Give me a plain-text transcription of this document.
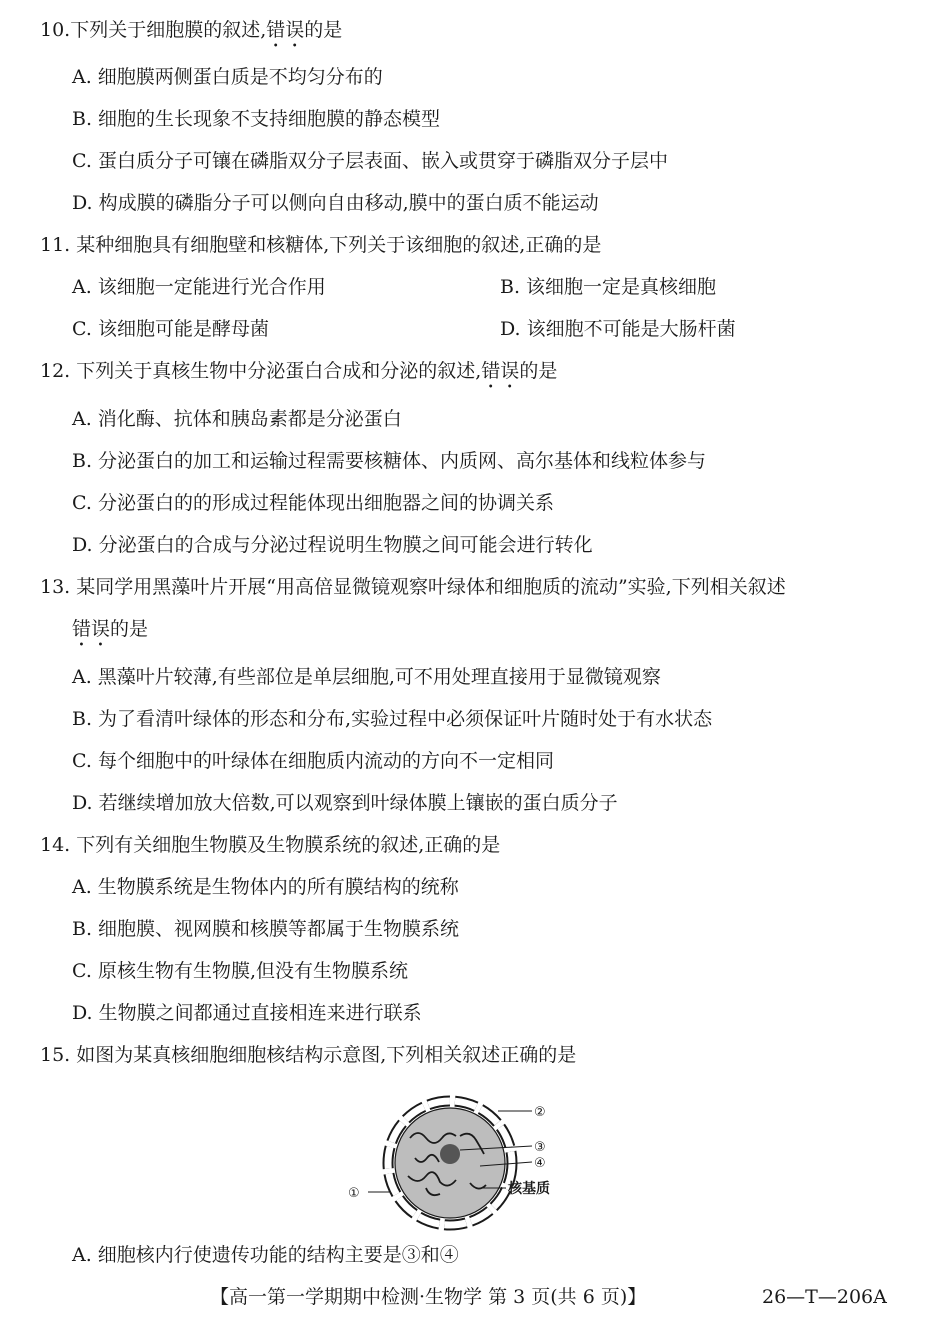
10.下列关于细胞膜的叙述,错误的是
A. 细胞膜两侧蛋白质是不均匀分布的
B. 细胞的生长现象不支持细胞膜的静态模型
C. 蛋白质分子可镶在磷脂双分子层表面、嵌入或贯穿于磷脂双分子层中
D. 构成膜的磷脂分子可以侧向自由移动,膜中的蛋白质不能运动
11. 某种细胞具有细胞壁和核糖体,下列关于该细胞的叙述,正确的是
A. 该细胞一定能进行光合作用	B. 该细胞一定是真核细胞
C. 该细胞可能是酵母菌	D. 该细胞不可能是大肠杆菌
12. 下列关于真核生物中分泌蛋白合成和分泌的叙述,错误的是
A. 消化酶、抗体和胰岛素都是分泌蛋白
B. 分泌蛋白的加工和运输过程需要核糖体、内质网、高尔基体和线粒体参与
C. 分泌蛋白的的形成过程能体现出细胞器之间的协调关系
D. 分泌蛋白的合成与分泌过程说明生物膜之间可能会进行转化
13. 某同学用黑藻叶片开展“用高倍显微镜观察叶绿体和细胞质的流动”实验,下列相关叙述
错误的是
A. 黑藻叶片较薄,有些部位是单层细胞,可不用处理直接用于显微镜观察
B. 为了看清叶绿体的形态和分布,实验过程中必须保证叶片随时处于有水状态
C. 每个细胞中的叶绿体在细胞质内流动的方向不一定相同
D. 若继续增加放大倍数,可以观察到叶绿体膜上镶嵌的蛋白质分子
14. 下列有关细胞生物膜及生物膜系统的叙述,正确的是
A. 生物膜系统是生物体内的所有膜结构的统称
B. 细胞膜、视网膜和核膜等都属于生物膜系统
C. 原核生物有生物膜,但没有生物膜系统
D. 生物膜之间都通过直接相连来进行联系
15. 如图为某真核细胞细胞核结构示意图,下列相关叙述正确的是
②
③
④
①	核基质
A. 细胞核内行使遗传功能的结构主要是③和④
【高一第一学期期中检测·生物学 第 3 页(共 6 页)】	26—T—206A
